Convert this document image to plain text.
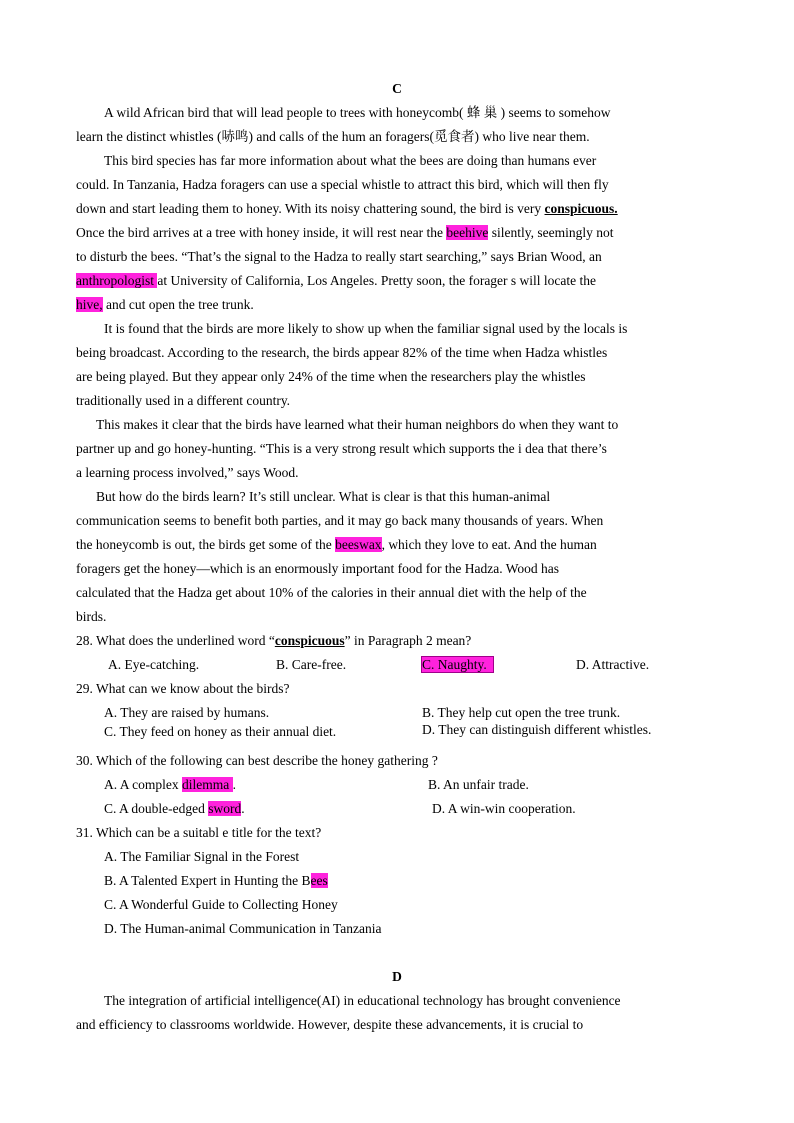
C
A wild African bird that will lead people to trees with honeycomb( 蜂 巢 ) seems to somehow
learn the distinct whistles (哧鸣) and calls of the hum an foragers(觅食者) who live near them.
This bird species has far more information about what the bees are doing than humans ever
could. In Tanzania, Hadza foragers can use a special whistle to attract this bird, which will then fly
down and start leading them to honey. With its noisy chattering sound, the bird is very conspicuous.
Once the bird arrives at a tree with honey inside, it will rest near the beehive silently, seemingly not
to disturb the bees. “That’s the signal to the Hadza to really start searching,” says Brian Wood, an
anthropologist at University of California, Los Angeles. Pretty soon, the forager s will locate the
hive, and cut open the tree trunk.
It is found that the birds are more likely to show up when the familiar signal used by the locals is
being broadcast. According to the research, the birds appear 82% of the time when Hadza whistles
are being played. But they appear only 24% of the time when the researchers play the whistles
traditionally used in a different country.
This makes it clear that the birds have learned what their human neighbors do when they want to
partner up and go honey-hunting. “This is a very strong result which supports the i dea that there’s
a learning process involved,” says Wood.
But how do the birds learn? It’s still unclear. What is clear is that this human-animal
communication seems to benefit both parties, and it may go back many thousands of years. When
the honeycomb is out, the birds get some of the beeswax, which they love to eat. And the human
foragers get the honey—which is an enormously important food for the Hadza. Wood has
calculated that the Hadza get about 10% of the calories in their annual diet with the help of the
birds.
28. What does the underlined word “conspicuous” in Paragraph 2 mean?
A. Eye-catching.	B. Care-free.	C. Naughty.	D. Attractive.
29. What can we know about the birds?
A. They are raised by humans.	B. They help cut open the tree trunk.
C. They feed on honey as their annual diet.	D. They can distinguish different whistles.
30. Which of the following can best describe the honey gathering ?
A. A complex dilemma .	B. An unfair trade.
C. A double-edged sword.	D. A win-win cooperation.
31. Which can be a suitabl e title for the text?
A. The Familiar Signal in the Forest
B. A Talented Expert in Hunting the Bees
C. A Wonderful Guide to Collecting Honey
D. The Human-animal Communication in Tanzania
D
The integration of artificial intelligence(AI) in educational technology has brought convenience
and efficiency to classrooms worldwide. However, despite these advancements, it is crucial to
